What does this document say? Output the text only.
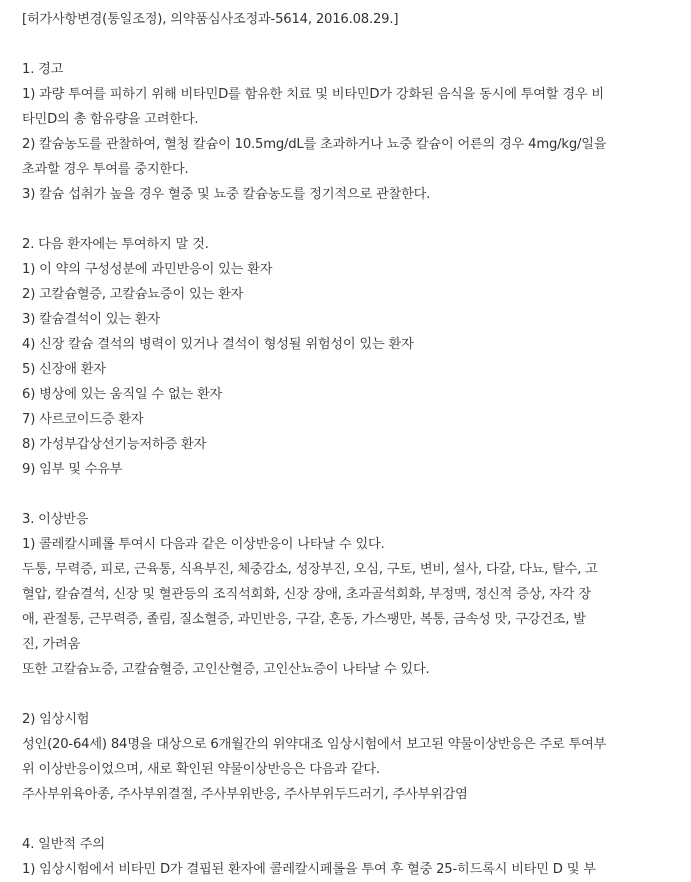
[허가사항변경(통일조정), 의약품심사조정과-5614, 2016.08.29.]
1. 경고
1) 과량 투여를 피하기 위해 비타민D를 함유한 치료 및 비타민D가 강화된 음식을 동시에 투여할 경우 비
타민D의 총 함유량을 고려한다.
2) 칼슘농도를 관찰하여, 혈청 칼슘이 10.5mg/dL를 초과하거나 뇨중 칼슘이 어른의 경우 4mg/kg/일을
초과할 경우 투여를 중지한다.
3) 칼슘 섭취가 높을 경우 혈중 및 뇨중 칼슘농도를 정기적으로 관찰한다.
2. 다음 환자에는 투여하지 말 것.
1) 이 약의 구성성분에 과민반응이 있는 환자
2) 고칼슘혈증, 고칼슘뇨증이 있는 환자
3) 칼슘결석이 있는 환자
4) 신장 칼슘 결석의 병력이 있거나 결석이 형성될 위험성이 있는 환자
5) 신장애 환자
6) 병상에 있는 움직일 수 없는 환자
7) 사르코이드증 환자
8) 가성부갑상선기능저하증 환자
9) 임부 및 수유부
3. 이상반응
1) 콜레칼시페롤 투여시 다음과 같은 이상반응이 나타날 수 있다.
두통, 무력증, 피로, 근육통, 식욕부진, 체중감소, 성장부진, 오심, 구토, 변비, 설사, 다갈, 다뇨, 탈수, 고
혈압, 칼슘결석, 신장 및 혈관등의 조직석회화, 신장 장애, 초과골석회화, 부정맥, 정신적 증상, 자각 장
애, 관절통, 근무력증, 졸림, 질소혈증, 과민반응, 구갈, 혼동, 가스팽만, 복통, 금속성 맛, 구강건조, 발
진, 가려움
또한 고칼슘뇨증, 고칼슘혈증, 고인산혈증, 고인산뇨증이 나타날 수 있다.
2) 임상시험
성인(20-64세) 84명을 대상으로 6개월간의 위약대조 임상시험에서 보고된 약물이상반응은 주로 투여부
위 이상반응이었으며, 새로 확인된 약물이상반응은 다음과 같다.
주사부위육아종, 주사부위결절, 주사부위반응, 주사부위두드러기, 주사부위감염
4. 일반적 주의
1) 임상시험에서 비타민 D가 결핍된 환자에 콜레칼시페롤을 투여 후 혈중 25-히드록시 비타민 D 및 부
